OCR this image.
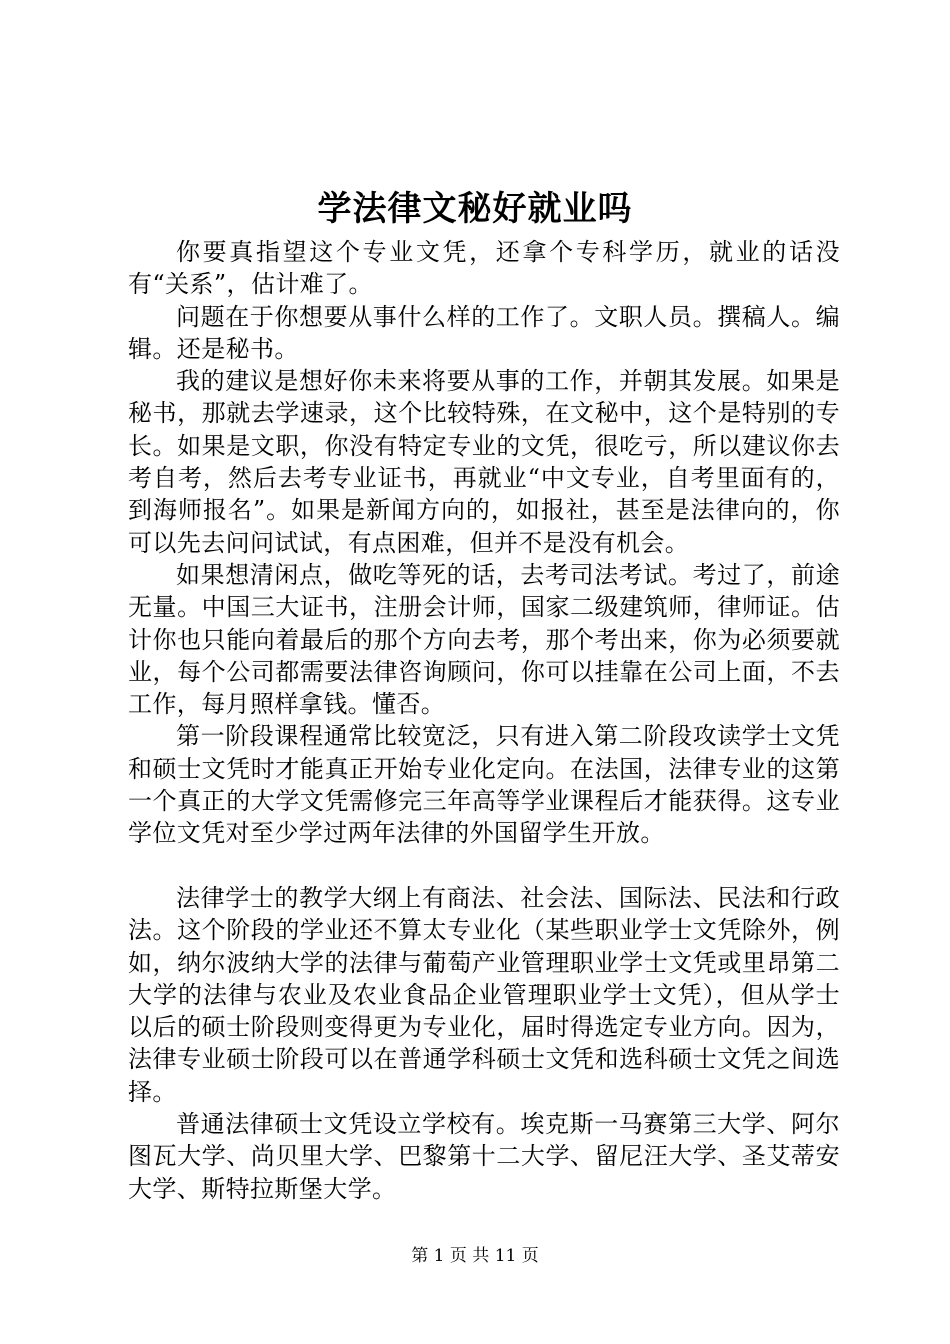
学法律文秘好就业吗

你要真指望这个专业文凭，还拿个专科学历，就业的话没有“关系”，估计难了。

问题在于你想要从事什么样的工作了。文职人员。撰稿人。编辑。还是秘书。

我的建议是想好你未来将要从事的工作，并朝其发展。如果是秘书，那就去学速录，这个比较特殊，在文秘中，这个是特别的专长。如果是文职，你没有特定专业的文凭，很吃亏，所以建议你去考自考，然后去考专业证书，再就业“中文专业，自考里面有的，到海师报名”。如果是新闻方向的，如报社，甚至是法律向的，你可以先去问问试试，有点困难，但并不是没有机会。

如果想清闲点，做吃等死的话，去考司法考试。考过了，前途无量。中国三大证书，注册会计师，国家二级建筑师，律师证。估计你也只能向着最后的那个方向去考，那个考出来，你为必须要就业，每个公司都需要法律咨询顾问，你可以挂靠在公司上面，不去工作，每月照样拿钱。懂否。

第一阶段课程通常比较宽泛，只有进入第二阶段攻读学士文凭和硕士文凭时才能真正开始专业化定向。在法国，法律专业的这第一个真正的大学文凭需修完三年高等学业课程后才能获得。这专业学位文凭对至少学过两年法律的外国留学生开放。

法律学士的教学大纲上有商法、社会法、国际法、民法和行政法。这个阶段的学业还不算太专业化（某些职业学士文凭除外，例如，纳尔波纳大学的法律与葡萄产业管理职业学士文凭或里昂第二大学的法律与农业及农业食品企业管理职业学士文凭），但从学士以后的硕士阶段则变得更为专业化，届时得选定专业方向。因为，法律专业硕士阶段可以在普通学科硕士文凭和选科硕士文凭之间选择。

普通法律硕士文凭设立学校有。埃克斯一马赛第三大学、阿尔图瓦大学、尚贝里大学、巴黎第十二大学、留尼汪大学、圣艾蒂安大学、斯特拉斯堡大学。

第 1 页 共 11 页
